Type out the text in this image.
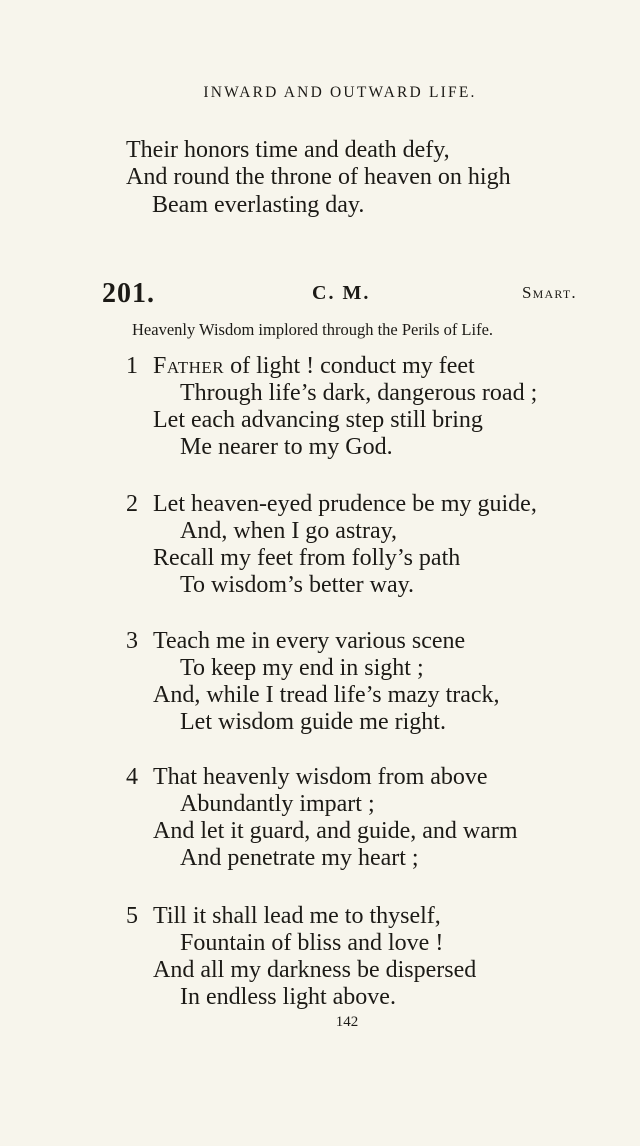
INWARD AND OUTWARD LIFE.
Their honors time and death defy,
And round the throne of heaven on high
Beam everlasting day.
201.	C. M.	Smart.
Heavenly Wisdom implored through the Perils of Life.
1 Father of light ! conduct my feet
Through life’s dark, dangerous road ;
Let each advancing step still bring
Me nearer to my God.
2 Let heaven-eyed prudence be my guide,
And, when I go astray,
Recall my feet from folly’s path
To wisdom’s better way.
3 Teach me in every various scene
To keep my end in sight ;
And, while I tread life’s mazy track,
Let wisdom guide me right.
4 That heavenly wisdom from above
Abundantly impart ;
And let it guard, and guide, and warm
And penetrate my heart ;
5 Till it shall lead me to thyself,
Fountain of bliss and love !
And all my darkness be dispersed
In endless light above.
142
